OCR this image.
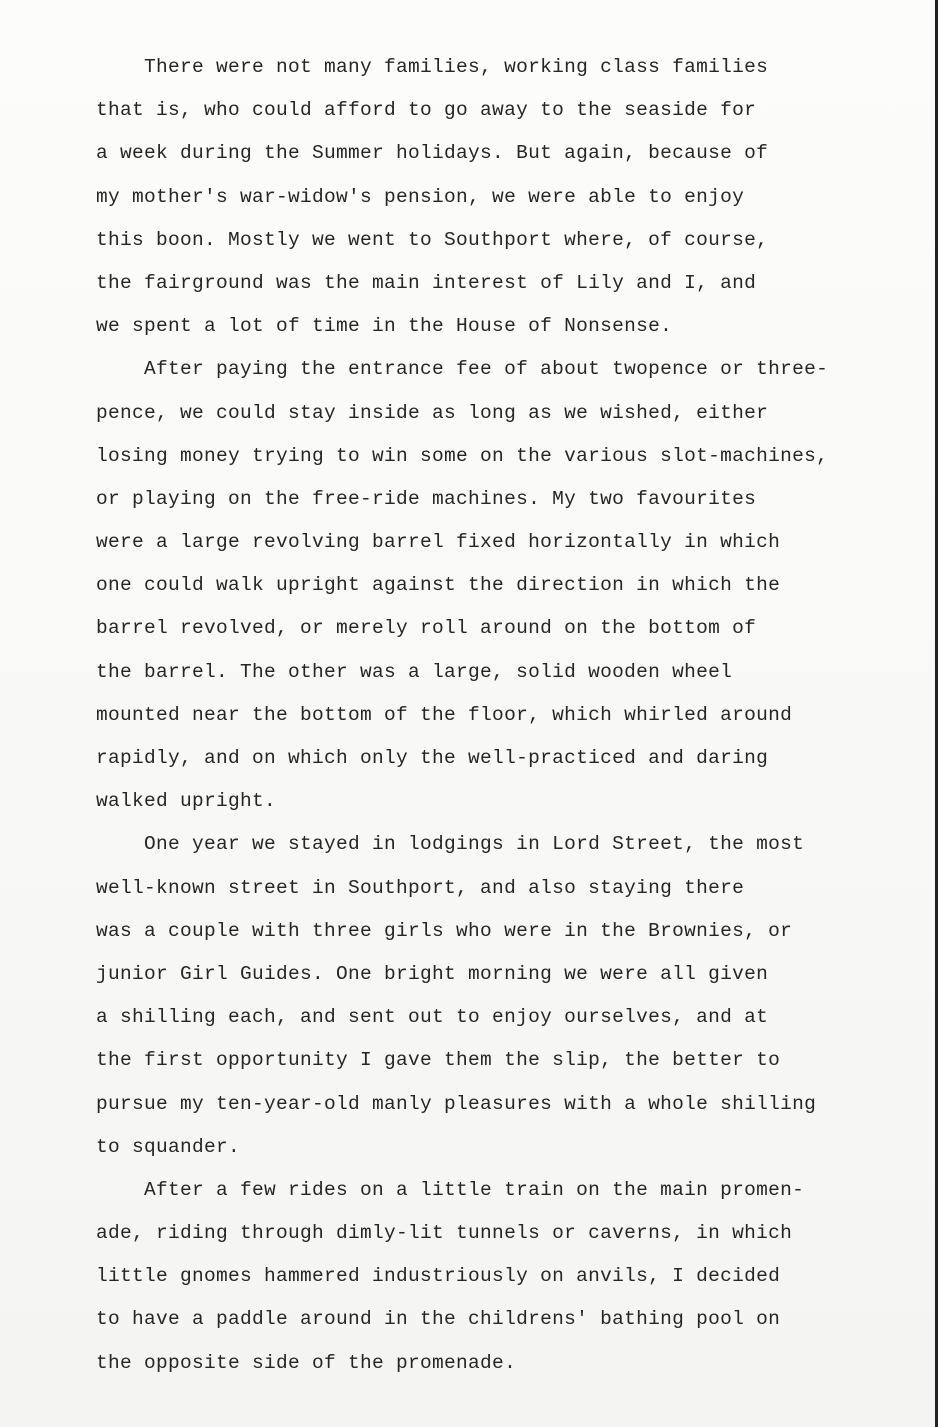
There were not many families, working class families
that is, who could afford to go away to the seaside for
a week during the Summer holidays. But again, because of
my mother's war-widow's pension, we were able to enjoy
this boon. Mostly we went to Southport where, of course,
the fairground was the main interest of Lily and I, and
we spent a lot of time in the House of Nonsense.
After paying the entrance fee of about twopence or three-
pence, we could stay inside as long as we wished, either
losing money trying to win some on the various slot-machines,
or playing on the free-ride machines. My two favourites
were a large revolving barrel fixed horizontally in which
one could walk upright against the direction in which the
barrel revolved, or merely roll around on the bottom of
the barrel. The other was a large, solid wooden wheel
mounted near the bottom of the floor, which whirled around
rapidly, and on which only the well-practiced and daring
walked upright.
One year we stayed in lodgings in Lord Street, the most
well-known street in Southport, and also staying there
was a couple with three girls who were in the Brownies, or
junior Girl Guides. One bright morning we were all given
a shilling each, and sent out to enjoy ourselves, and at
the first opportunity I gave them the slip, the better to
pursue my ten-year-old manly pleasures with a whole shilling
to squander.
After a few rides on a little train on the main promen-
ade, riding through dimly-lit tunnels or caverns, in which
little gnomes hammered industriously on anvils, I decided
to have a paddle around in the childrens' bathing pool on
the opposite side of the promenade.
